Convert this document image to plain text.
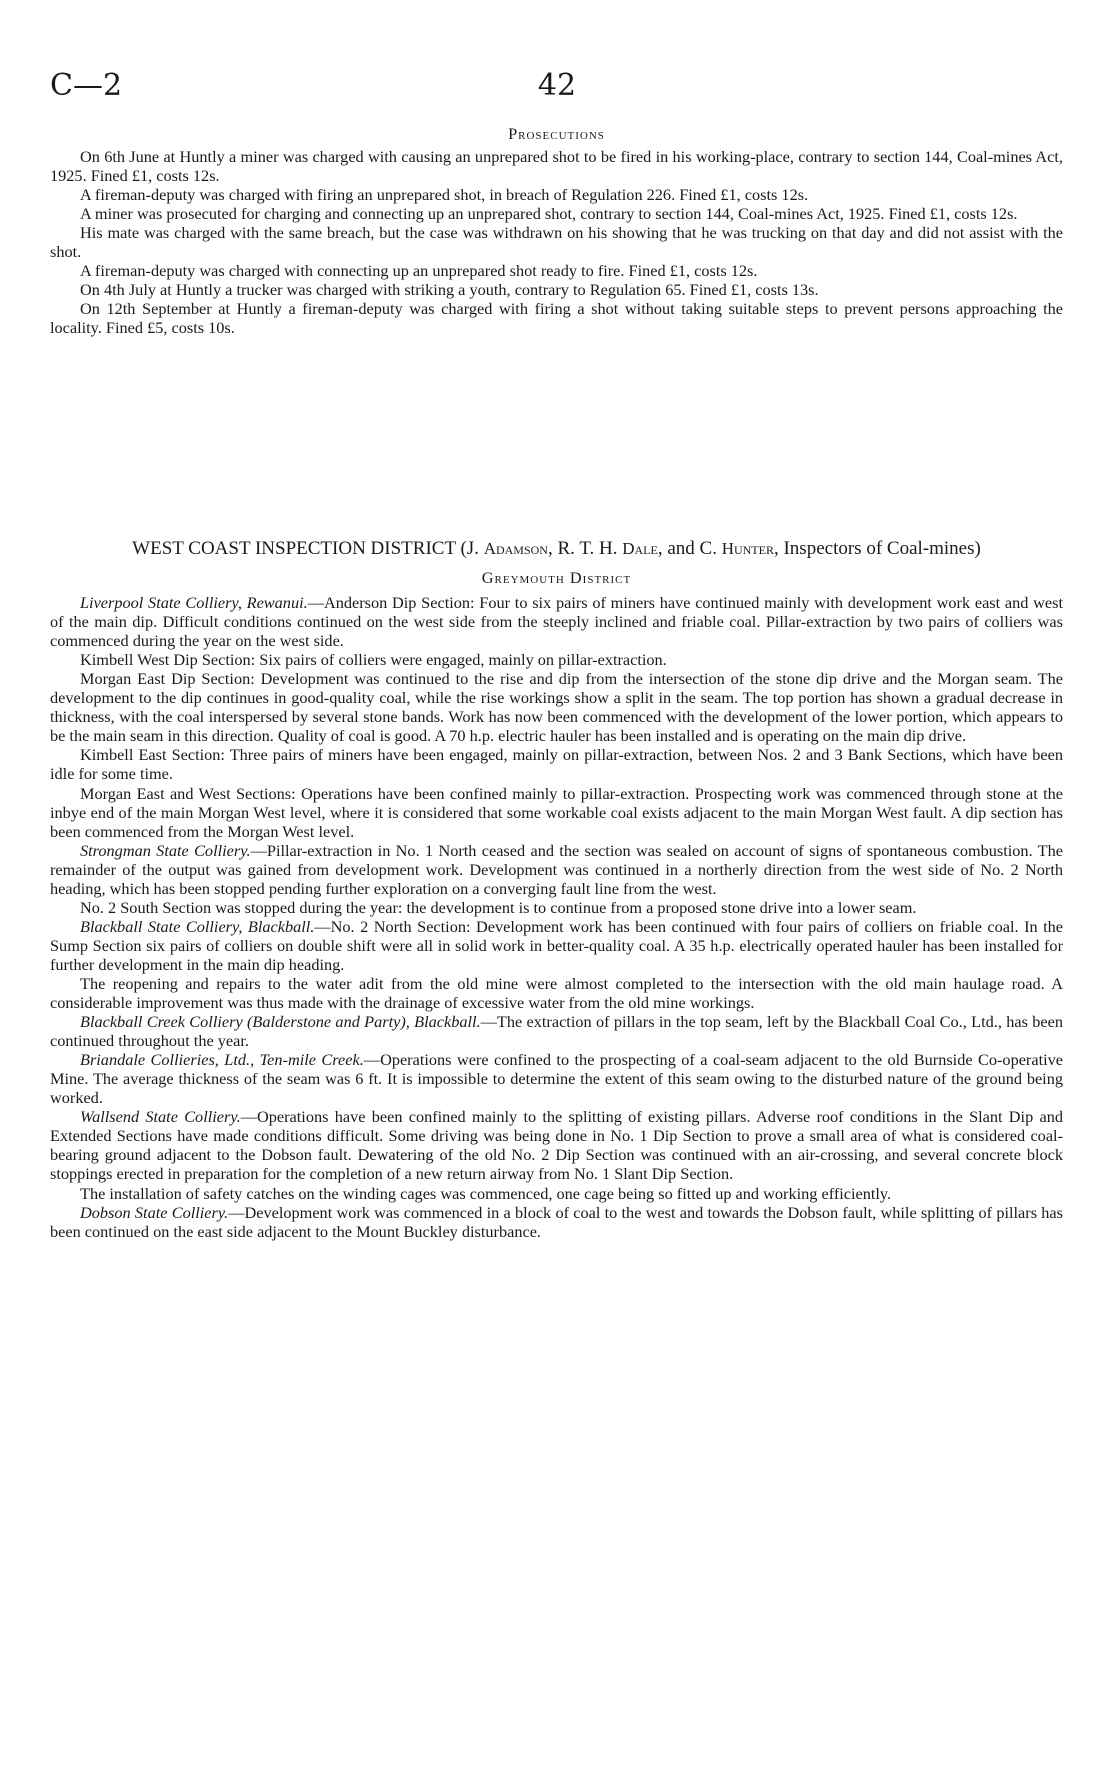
C—2	42

Prosecutions

On 6th June at Huntly a miner was charged with causing an unprepared shot to be fired in his working-place, contrary to section 144, Coal-mines Act, 1925. Fined £1, costs 12s.

A fireman-deputy was charged with firing an unprepared shot, in breach of Regulation 226. Fined £1, costs 12s.

A miner was prosecuted for charging and connecting up an unprepared shot, contrary to section 144, Coal-mines Act, 1925. Fined £1, costs 12s.

His mate was charged with the same breach, but the case was withdrawn on his showing that he was trucking on that day and did not assist with the shot.

A fireman-deputy was charged with connecting up an unprepared shot ready to fire. Fined £1, costs 12s.

On 4th July at Huntly a trucker was charged with striking a youth, contrary to Regulation 65. Fined £1, costs 13s.

On 12th September at Huntly a fireman-deputy was charged with firing a shot without taking suitable steps to prevent persons approaching the locality. Fined £5, costs 10s.

WEST COAST INSPECTION DISTRICT (J. Adamson, R. T. H. Dale, and C. Hunter, Inspectors of Coal-mines)

Greymouth District

Liverpool State Colliery, Rewanui.—Anderson Dip Section: Four to six pairs of miners have continued mainly with development work east and west of the main dip. Difficult conditions continued on the west side from the steeply inclined and friable coal. Pillar-extraction by two pairs of colliers was commenced during the year on the west side.

Kimbell West Dip Section: Six pairs of colliers were engaged, mainly on pillar-extraction.

Morgan East Dip Section: Development was continued to the rise and dip from the intersection of the stone dip drive and the Morgan seam. The development to the dip continues in good-quality coal, while the rise workings show a split in the seam. The top portion has shown a gradual decrease in thickness, with the coal interspersed by several stone bands. Work has now been commenced with the development of the lower portion, which appears to be the main seam in this direction. Quality of coal is good. A 70 h.p. electric hauler has been installed and is operating on the main dip drive.

Kimbell East Section: Three pairs of miners have been engaged, mainly on pillar-extraction, between Nos. 2 and 3 Bank Sections, which have been idle for some time.

Morgan East and West Sections: Operations have been confined mainly to pillar-extraction. Prospecting work was commenced through stone at the inbye end of the main Morgan West level, where it is considered that some workable coal exists adjacent to the main Morgan West fault. A dip section has been commenced from the Morgan West level.

Strongman State Colliery.—Pillar-extraction in No. 1 North ceased and the section was sealed on account of signs of spontaneous combustion. The remainder of the output was gained from development work. Development was continued in a northerly direction from the west side of No. 2 North heading, which has been stopped pending further exploration on a converging fault line from the west.

No. 2 South Section was stopped during the year: the development is to continue from a proposed stone drive into a lower seam.

Blackball State Colliery, Blackball.—No. 2 North Section: Development work has been continued with four pairs of colliers on friable coal. In the Sump Section six pairs of colliers on double shift were all in solid work in better-quality coal. A 35 h.p. electrically operated hauler has been installed for further development in the main dip heading.

The reopening and repairs to the water adit from the old mine were almost completed to the intersection with the old main haulage road. A considerable improvement was thus made with the drainage of excessive water from the old mine workings.

Blackball Creek Colliery (Balderstone and Party), Blackball.—The extraction of pillars in the top seam, left by the Blackball Coal Co., Ltd., has been continued throughout the year.

Briandale Collieries, Ltd., Ten-mile Creek.—Operations were confined to the prospecting of a coal-seam adjacent to the old Burnside Co-operative Mine. The average thickness of the seam was 6 ft. It is impossible to determine the extent of this seam owing to the disturbed nature of the ground being worked.

Wallsend State Colliery.—Operations have been confined mainly to the splitting of existing pillars. Adverse roof conditions in the Slant Dip and Extended Sections have made conditions difficult. Some driving was being done in No. 1 Dip Section to prove a small area of what is considered coal-bearing ground adjacent to the Dobson fault. Dewatering of the old No. 2 Dip Section was continued with an air-crossing, and several concrete block stoppings erected in preparation for the completion of a new return airway from No. 1 Slant Dip Section.

The installation of safety catches on the winding cages was commenced, one cage being so fitted up and working efficiently.

Dobson State Colliery.—Development work was commenced in a block of coal to the west and towards the Dobson fault, while splitting of pillars has been continued on the east side adjacent to the Mount Buckley disturbance.
